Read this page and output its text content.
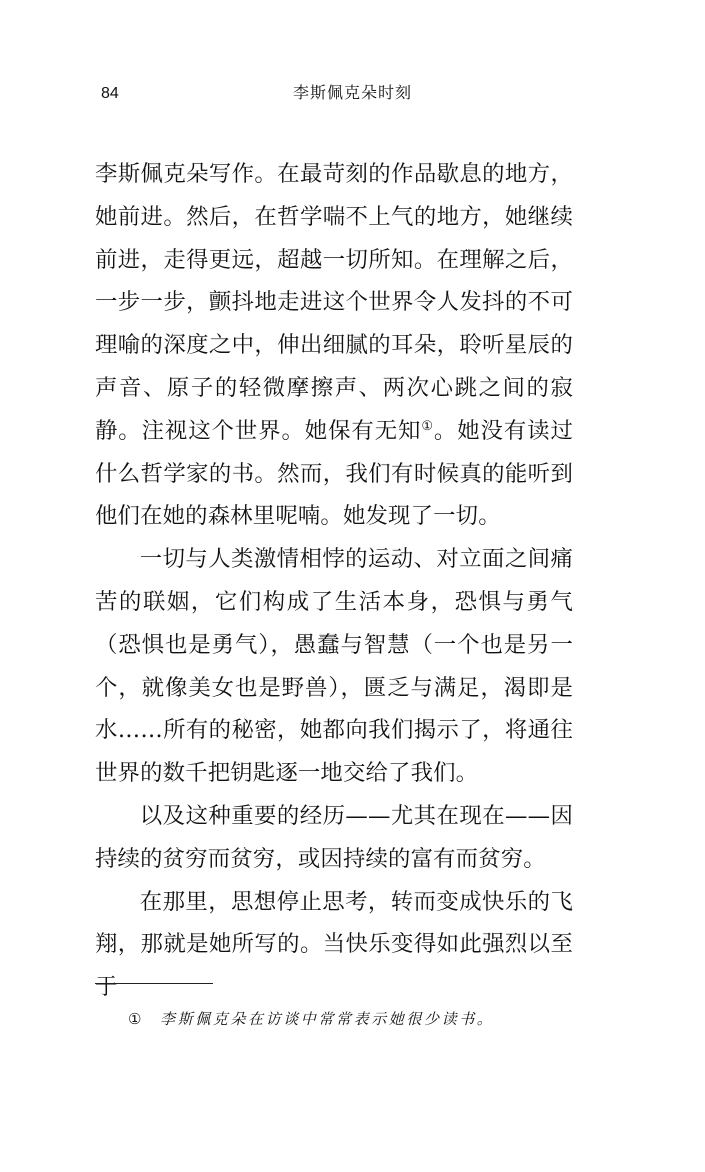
84	李斯佩克朵时刻

李斯佩克朵写作。在最苛刻的作品歇息的地方，她前进。然后，在哲学喘不上气的地方，她继续前进，走得更远，超越一切所知。在理解之后，一步一步，颤抖地走进这个世界令人发抖的不可理喻的深度之中，伸出细腻的耳朵，聆听星辰的声音、原子的轻微摩擦声、两次心跳之间的寂静。注视这个世界。她保有无知①。她没有读过什么哲学家的书。然而，我们有时候真的能听到他们在她的森林里呢喃。她发现了一切。

一切与人类激情相悖的运动、对立面之间痛苦的联姻，它们构成了生活本身，恐惧与勇气（恐惧也是勇气），愚蠢与智慧（一个也是另一个，就像美女也是野兽），匮乏与满足，渴即是水……所有的秘密，她都向我们揭示了，将通往世界的数千把钥匙逐一地交给了我们。

以及这种重要的经历——尤其在现在——因持续的贫穷而贫穷，或因持续的富有而贫穷。

在那里，思想停止思考，转而变成快乐的飞翔，那就是她所写的。当快乐变得如此强烈以至于

① 李斯佩克朵在访谈中常常表示她很少读书。
